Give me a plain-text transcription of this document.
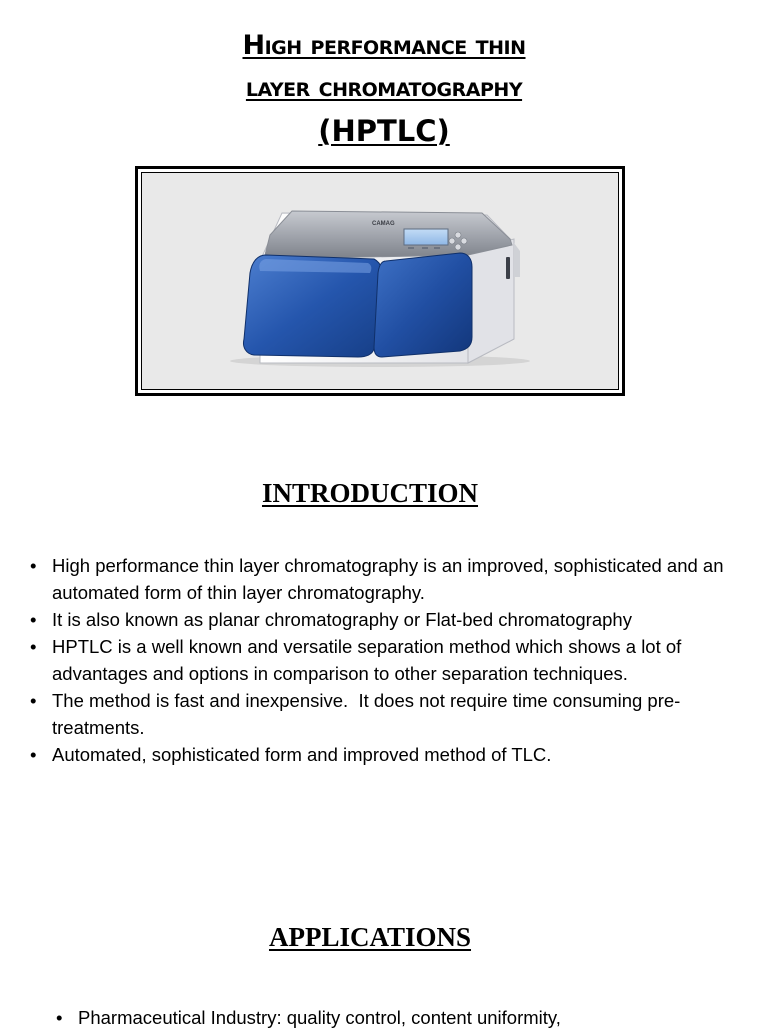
High performance thin
layer chromatography
(HPTLC)
CAMAG
INTRODUCTION
• High performance thin layer chromatography is an improved, sophisticated and an automated form of thin layer chromatography.
• It is also known as planar chromatography or Flat-bed chromatography
• HPTLC is a well known and versatile separation method which shows a lot of advantages and options in comparison to other separation techniques.
• The method is fast and inexpensive.  It does not require time consuming pre-treatments.
• Automated, sophisticated form and improved method of TLC.
APPLICATIONS
• Pharmaceutical Industry: quality control, content uniformity,
